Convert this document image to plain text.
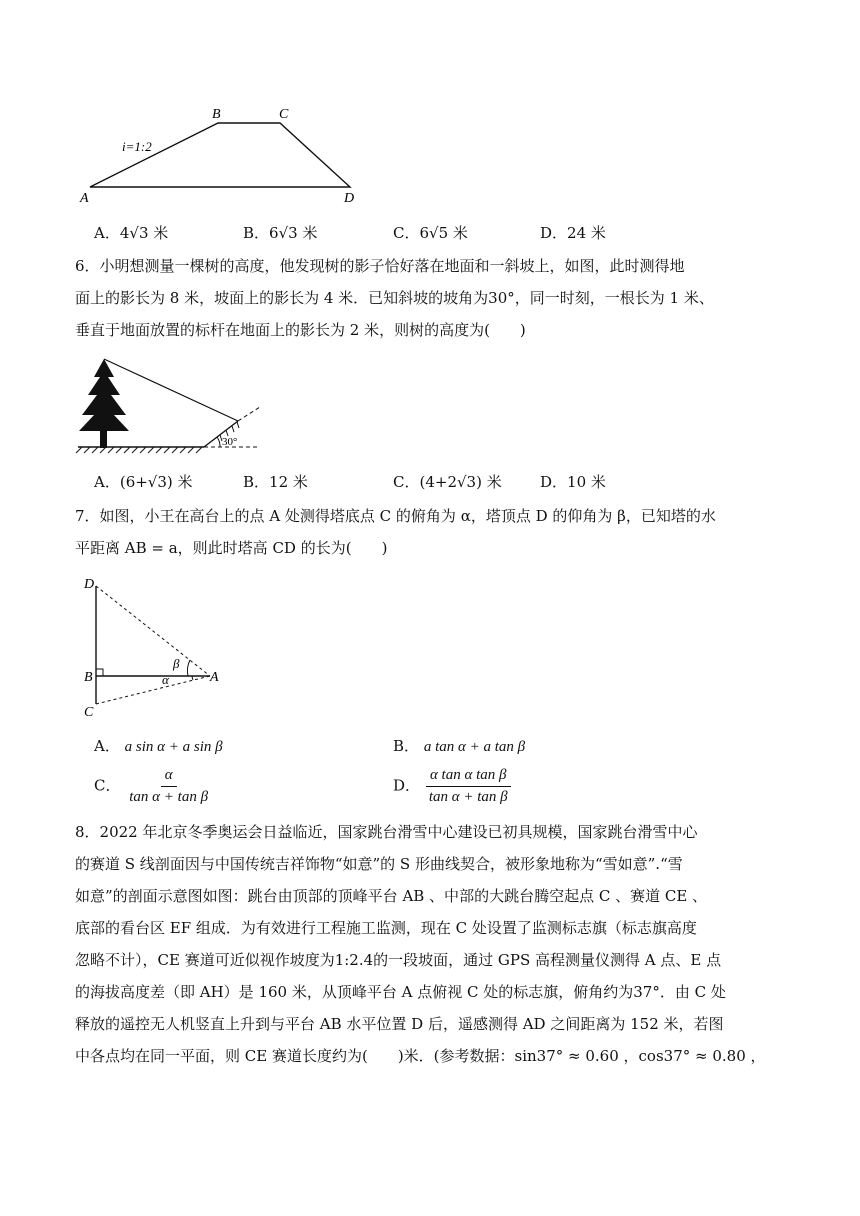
B	C
A	D
i=1:2
A．4√3 米	B．6√3 米	C．6√5 米	D．24 米
6．小明想测量一棵树的高度，他发现树的影子恰好落在地面和一斜坡上，如图，此时测得地
面上的影长为 8 米，坡面上的影长为 4 米．已知斜坡的坡角为30°，同一时刻，一根长为 1 米、
垂直于地面放置的标杆在地面上的影长为 2 米，则树的高度为(　　)
30°
A．(6+√3) 米	B．12 米	C．(4+2√3) 米	D．10 米
7．如图，小王在高台上的点 A 处测得塔底点 C 的俯角为 α，塔顶点 D 的仰角为 β，已知塔的水
平距离 AB = a，则此时塔高 CD 的长为(　　)
D
B
C
A
β
α
A． a sin α + a sin β	B． a tan α + a tan β
C． $\frac{\alpha}{\text{tan α + tan β}}$	D． $\frac{\text{α tan α tan β}}{\text{tan α + tan β}}$
8．2022 年北京冬季奥运会日益临近，国家跳台滑雪中心建设已初具规模，国家跳台滑雪中心
的赛道 S 线剖面因与中国传统吉祥饰物“如意”的 S 形曲线契合，被形象地称为“雪如意”.“雪
如意”的剖面示意图如图：跳台由顶部的顶峰平台 AB 、中部的大跳台腾空起点 C 、赛道 CE 、
底部的看台区 EF 组成．为有效进行工程施工监测，现在 C 处设置了监测标志旗（标志旗高度
忽略不计），CE 赛道可近似视作坡度为1:2.4的一段坡面，通过 GPS 高程测量仪测得 A 点、E 点
的海拔高度差（即 AH）是 160 米，从顶峰平台 A 点俯视 C 处的标志旗，俯角约为37°．由 C 处
释放的遥控无人机竖直上升到与平台 AB 水平位置 D 后，遥感测得 AD 之间距离为 152 米，若图
中各点均在同一平面，则 CE 赛道长度约为(　　)米．(参考数据：sin37° ≈ 0.60 ，cos37° ≈ 0.80 ，
